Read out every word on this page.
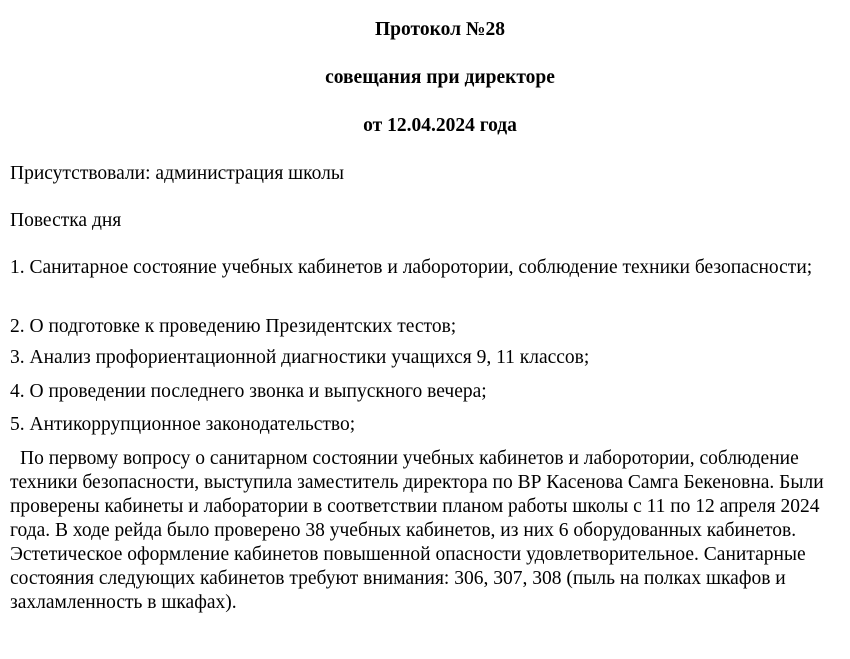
Протокол №28

совещания при директоре

от 12.04.2024 года

Присутствовали: администрация школы

Повестка дня

1. Санитарное состояние учебных кабинетов и лаборотории, соблюдение техники безопасности;

2. О подготовке к проведению Президентских тестов;

3. Анализ профориентационной диагностики учащихся 9, 11 классов;

4. О проведении последнего звонка и выпускного вечера;

5. Антикоррупционное законодательство;

По первому вопросу о санитарном состоянии учебных кабинетов и лаборотории, соблюдение техники безопасности, выступила заместитель директора по ВР Касенова Самга Бекеновна. Были проверены кабинеты и лаборатории в соответствии планом работы школы с 11 по 12 апреля 2024 года. В ходе рейда было проверено 38 учебных кабинетов, из них 6 оборудованных кабинетов. Эстетическое оформление кабинетов повышенной опасности удовлетворительное. Санитарные состояния следующих кабинетов требуют внимания: 306, 307, 308 (пыль на полках шкафов и захламленность в шкафах).
